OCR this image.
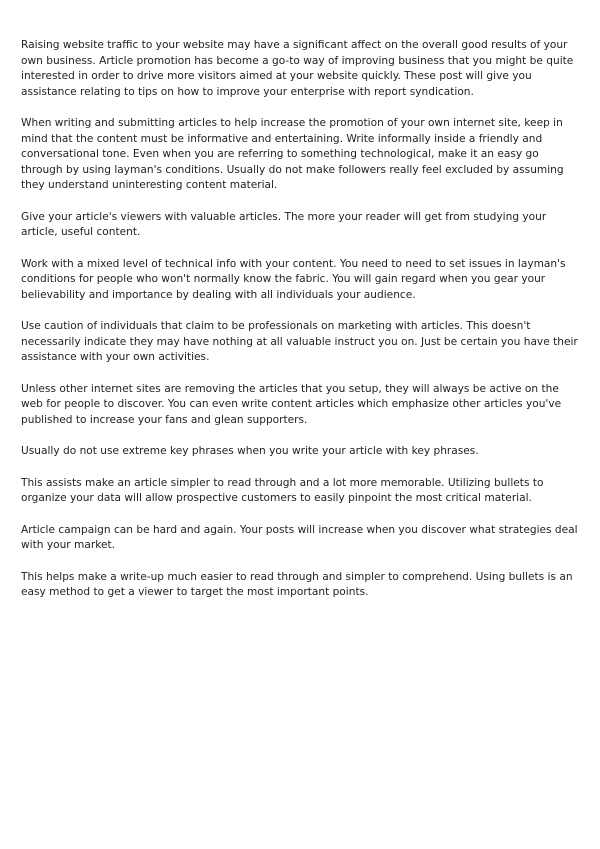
Raising website traffic to your website may have a significant affect on the overall good results of your own business. Article promotion has become a go-to way of improving business that you might be quite interested in order to drive more visitors aimed at your website quickly. These post will give you assistance relating to tips on how to improve your enterprise with report syndication.

When writing and submitting articles to help increase the promotion of your own internet site, keep in mind that the content must be informative and entertaining. Write informally inside a friendly and conversational tone. Even when you are referring to something technological, make it an easy go through by using layman's conditions. Usually do not make followers really feel excluded by assuming they understand uninteresting content material.

Give your article's viewers with valuable articles. The more your reader will get from studying your article, useful content.

Work with a mixed level of technical info with your content. You need to need to set issues in layman's conditions for people who won't normally know the fabric. You will gain regard when you gear your believability and importance by dealing with all individuals your audience.

Use caution of individuals that claim to be professionals on marketing with articles. This doesn't necessarily indicate they may have nothing at all valuable instruct you on. Just be certain you have their assistance with your own activities.

Unless other internet sites are removing the articles that you setup, they will always be active on the web for people to discover. You can even write content articles which emphasize other articles you've published to increase your fans and glean supporters.

Usually do not use extreme key phrases when you write your article with key phrases.

This assists make an article simpler to read through and a lot more memorable. Utilizing bullets to organize your data will allow prospective customers to easily pinpoint the most critical material.

Article campaign can be hard and again. Your posts will increase when you discover what strategies deal with your market.

This helps make a write-up much easier to read through and simpler to comprehend. Using bullets is an easy method to get a viewer to target the most important points.
